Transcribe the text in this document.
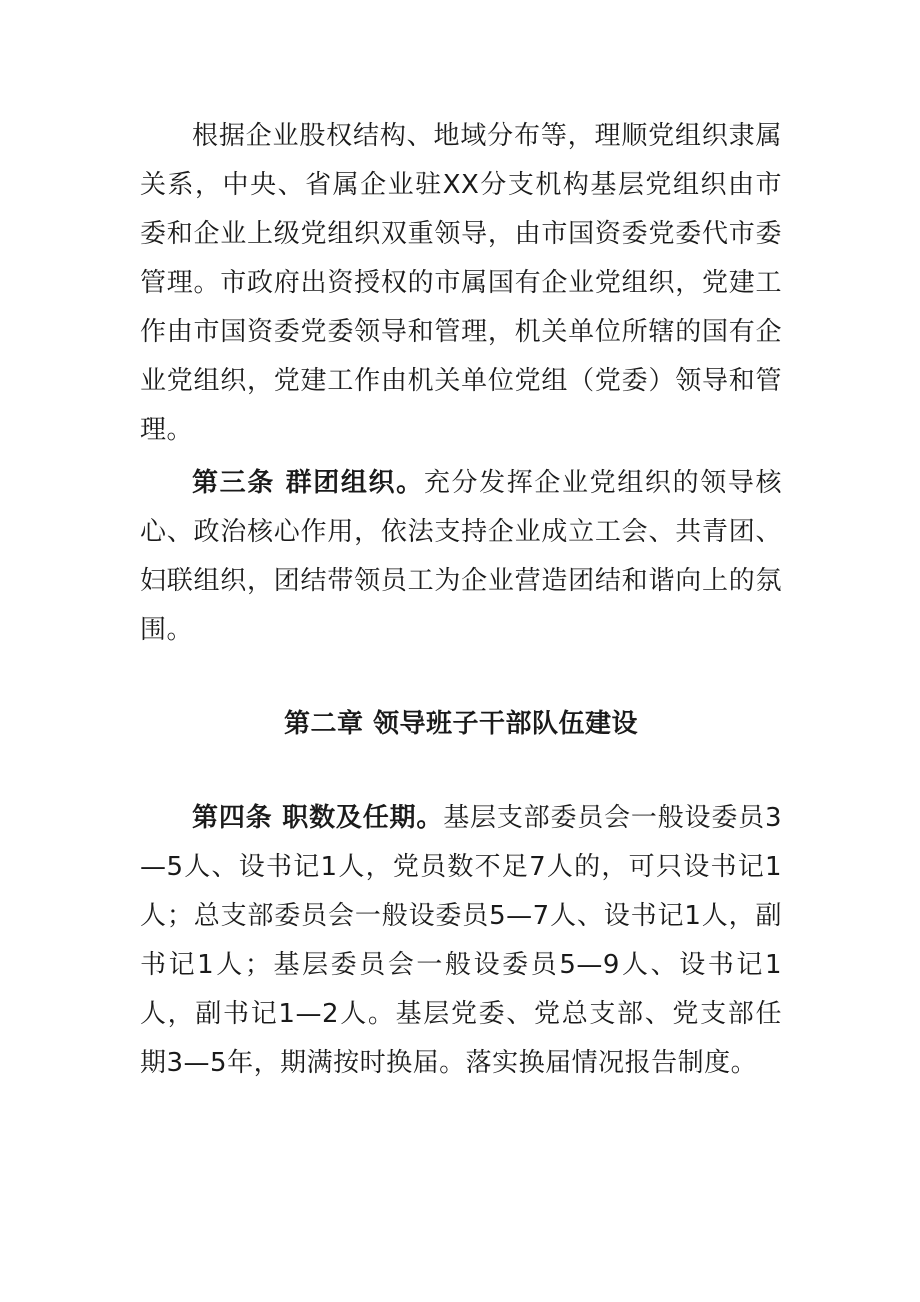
根据企业股权结构、地域分布等，理顺党组织隶属关系，中央、省属企业驻XX分支机构基层党组织由市委和企业上级党组织双重领导，由市国资委党委代市委管理。市政府出资授权的市属国有企业党组织，党建工作由市国资委党委领导和管理，机关单位所辖的国有企业党组织，党建工作由机关单位党组（党委）领导和管理。

第三条 群团组织。充分发挥企业党组织的领导核心、政治核心作用，依法支持企业成立工会、共青团、妇联组织，团结带领员工为企业营造团结和谐向上的氛围。

第二章 领导班子干部队伍建设

第四条 职数及任期。基层支部委员会一般设委员3—5人、设书记1人，党员数不足7人的，可只设书记1人；总支部委员会一般设委员5—7人、设书记1人，副书记1人；基层委员会一般设委员5—9人、设书记1人，副书记1—2人。基层党委、党总支部、党支部任期3—5年，期满按时换届。落实换届情况报告制度。
